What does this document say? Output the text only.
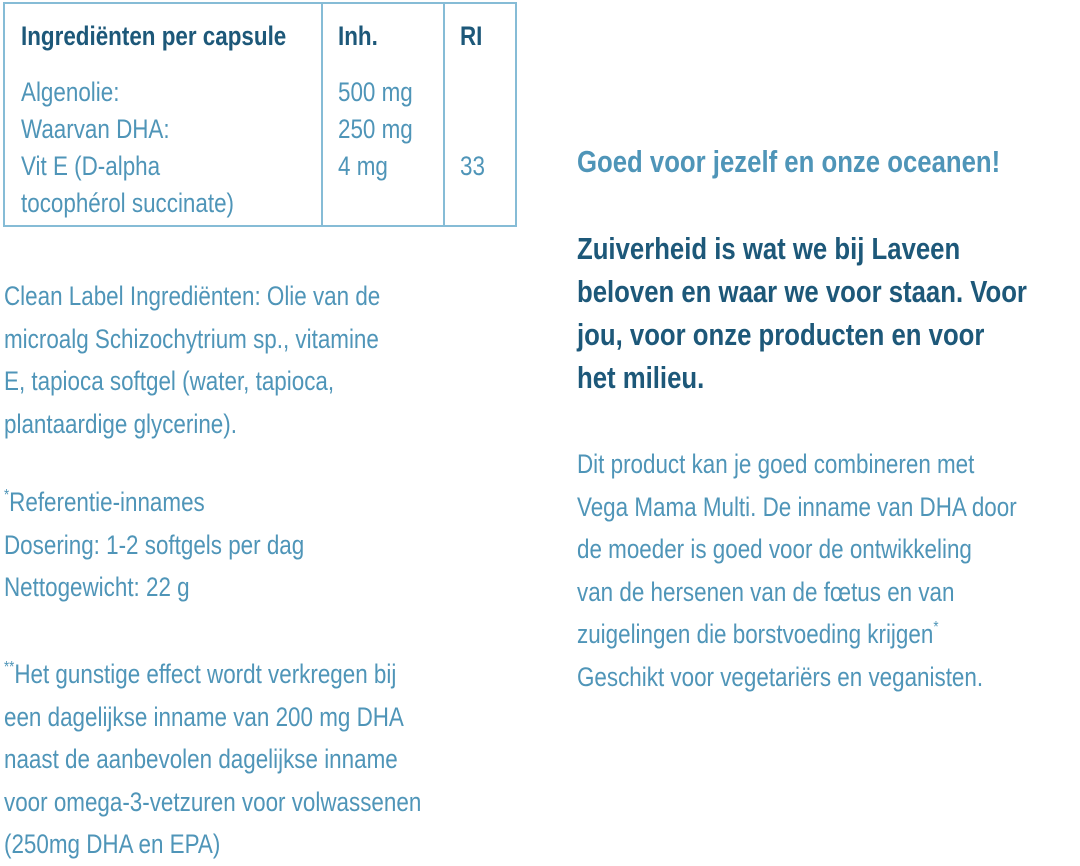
Ingrediënten per capsule Inh.	RI
Algenolie:
Waarvan DHA:
Vit E (D-alpha
tocophérol succinate)
500 mg
250 mg
4 mg

	33
Clean Label Ingrediënten: Olie van de
microalg Schizochytrium sp., vitamine
E, tapioca softgel (water, tapioca,
plantaardige glycerine).
*Referentie-innames
Dosering: 1-2 softgels per dag
Nettogewicht: 22 g
**Het gunstige effect wordt verkregen bij
een dagelijkse inname van 200 mg DHA
naast de aanbevolen dagelijkse inname
voor omega-3-vetzuren voor volwassenen
(250mg DHA en EPA)
Goed voor jezelf en onze oceanen!
Zuiverheid is wat we bij Laveen
beloven en waar we voor staan. Voor
jou, voor onze producten en voor
het milieu.
Dit product kan je goed combineren met
Vega Mama Multi. De inname van DHA door
de moeder is goed voor de ontwikkeling
van de hersenen van de fœtus en van
zuigelingen die borstvoeding krijgen*
Geschikt voor vegetariërs en veganisten.
